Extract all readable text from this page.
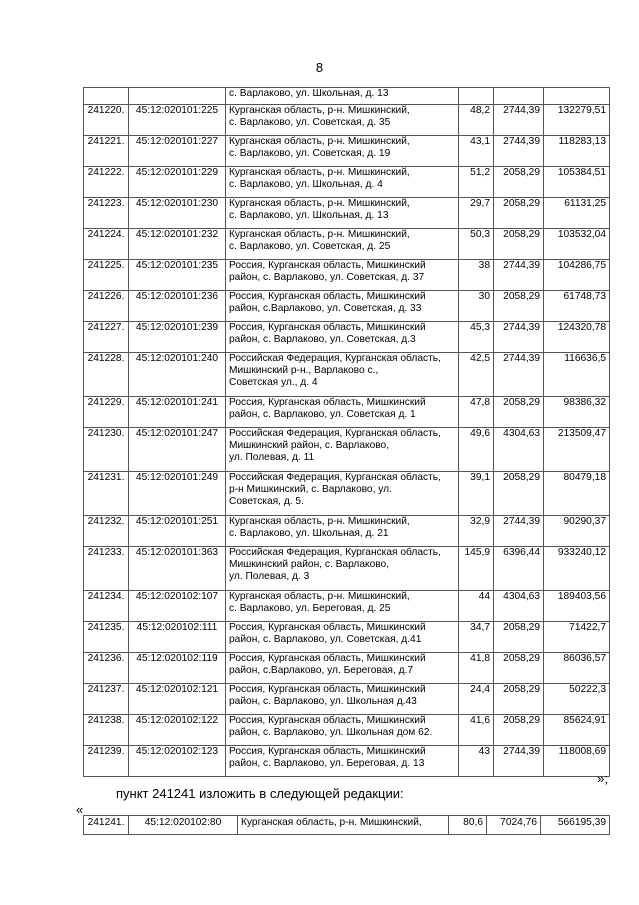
8
		с. Варлаково, ул. Школьная, д. 13			
241220.	45:12:020101:225	Курганская область, р-н. Мишкинский,
с. Варлаково, ул. Советская, д. 35	48,2	2744,39	132279,51
241221.	45:12:020101:227	Курганская область, р-н. Мишкинский,
с. Варлаково, ул. Советская, д. 19	43,1	2744,39	118283,13
241222.	45:12:020101:229	Курганская область, р-н. Мишкинский,
с. Варлаково, ул. Школьная, д. 4	51,2	2058,29	105384,51
241223.	45:12:020101:230	Курганская область, р-н. Мишкинский,
с. Варлаково, ул. Школьная, д. 13	29,7	2058,29	61131,25
241224.	45:12:020101:232	Курганская область, р-н. Мишкинский,
с. Варлаково, ул. Советская, д. 25	50,3	2058,29	103532,04
241225.	45:12:020101:235	Россия, Курганская область, Мишкинский
район, с. Варлаково, ул. Советская, д. 37	38	2744,39	104286,75
241226.	45:12:020101:236	Россия, Курганская область, Мишкинский
район, с.Варлаково, ул. Советская, д. 33	30	2058,29	61748,73
241227.	45:12:020101:239	Россия, Курганская область, Мишкинский
район, с. Варлаково, ул. Советская, д.3	45,3	2744,39	124320,78
241228.	45:12:020101:240	Российская Федерация, Курганская область,
Мишкинский р-н., Варлаково с.,
Советская ул., д. 4	42,5	2744,39	116636,5
241229.	45:12:020101:241	Россия, Курганская область, Мишкинский
район, с. Варлаково, ул. Советская д. 1	47,8	2058,29	98386,32
241230.	45:12:020101:247	Российская Федерация, Курганская область,
Мишкинский район, с. Варлаково,
ул. Полевая, д. 11	49,6	4304,63	213509,47
241231.	45:12:020101:249	Российская Федерация, Курганская область,
р-н Мишкинский, с. Варлаково, ул.
Советская, д. 5.	39,1	2058,29	80479,18
241232.	45:12:020101:251	Курганская область, р-н. Мишкинский,
с. Варлаково, ул. Школьная, д. 21	32,9	2744,39	90290,37
241233.	45:12:020101:363	Российская Федерация, Курганская область,
Мишкинский район, с. Варлаково,
ул. Полевая, д. 3	145,9	6396,44	933240,12
241234.	45:12:020102:107	Курганская область, р-н. Мишкинский,
с. Варлаково, ул. Береговая, д. 25	44	4304,63	189403,56
241235.	45:12:020102:111	Россия, Курганская область, Мишкинский
район, с. Варлаково, ул. Советская, д.41	34,7	2058,29	71422,7
241236.	45:12:020102:119	Россия, Курганская область, Мишкинский
район, с.Варлаково, ул. Береговая, д.7	41,8	2058,29	86036,57
241237.	45:12:020102:121	Россия, Курганская область, Мишкинский
район, с. Варлаково, ул. Школьная д.43	24,4	2058,29	50222,3
241238.	45:12:020102:122	Россия, Курганская область, Мишкинский
район, с. Варлаково, ул. Школьная дом 62.	41,6	2058,29	85624,91
241239.	45:12:020102:123	Россия, Курганская область, Мишкинский
район, с. Варлаково, ул. Береговая, д. 13	43	2744,39	118008,69
»;
пункт 241241 изложить в следующей редакции:
«
241241.	45:12:020102:80	Курганская область, р-н. Мишкинский,	80,6	7024,76	566195,39
